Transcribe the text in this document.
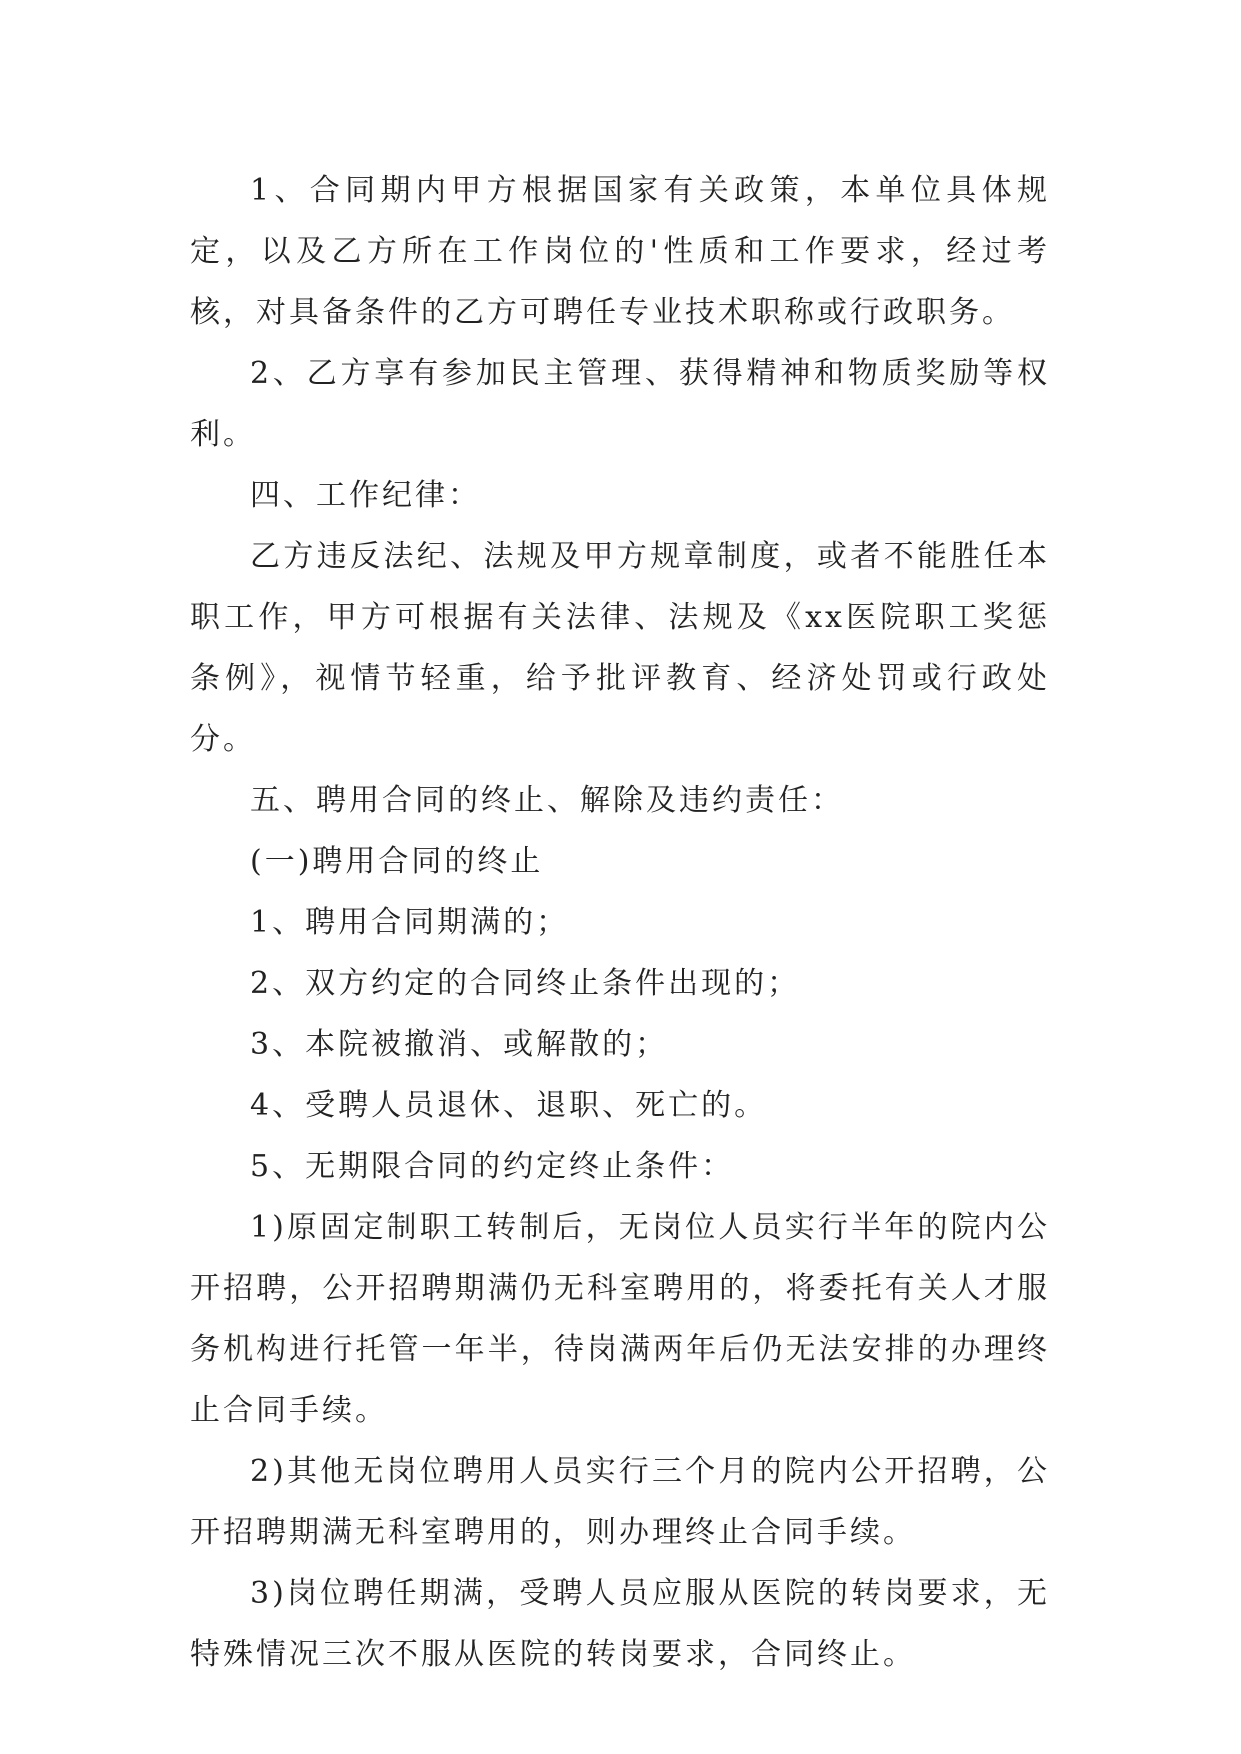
1、合同期内甲方根据国家有关政策，本单位具体规定，以及乙方所在工作岗位的'性质和工作要求，经过考核，对具备条件的乙方可聘任专业技术职称或行政职务。

2、乙方享有参加民主管理、获得精神和物质奖励等权利。

四、工作纪律：

乙方违反法纪、法规及甲方规章制度，或者不能胜任本职工作，甲方可根据有关法律、法规及《xx医院职工奖惩条例》，视情节轻重，给予批评教育、经济处罚或行政处分。

五、聘用合同的终止、解除及违约责任：

(一)聘用合同的终止

1、聘用合同期满的；

2、双方约定的合同终止条件出现的；

3、本院被撤消、或解散的；

4、受聘人员退休、退职、死亡的。

5、无期限合同的约定终止条件：

1)原固定制职工转制后，无岗位人员实行半年的院内公开招聘，公开招聘期满仍无科室聘用的，将委托有关人才服务机构进行托管一年半，待岗满两年后仍无法安排的办理终止合同手续。

2)其他无岗位聘用人员实行三个月的院内公开招聘，公开招聘期满无科室聘用的，则办理终止合同手续。

3)岗位聘任期满，受聘人员应服从医院的转岗要求，无特殊情况三次不服从医院的转岗要求，合同终止。
